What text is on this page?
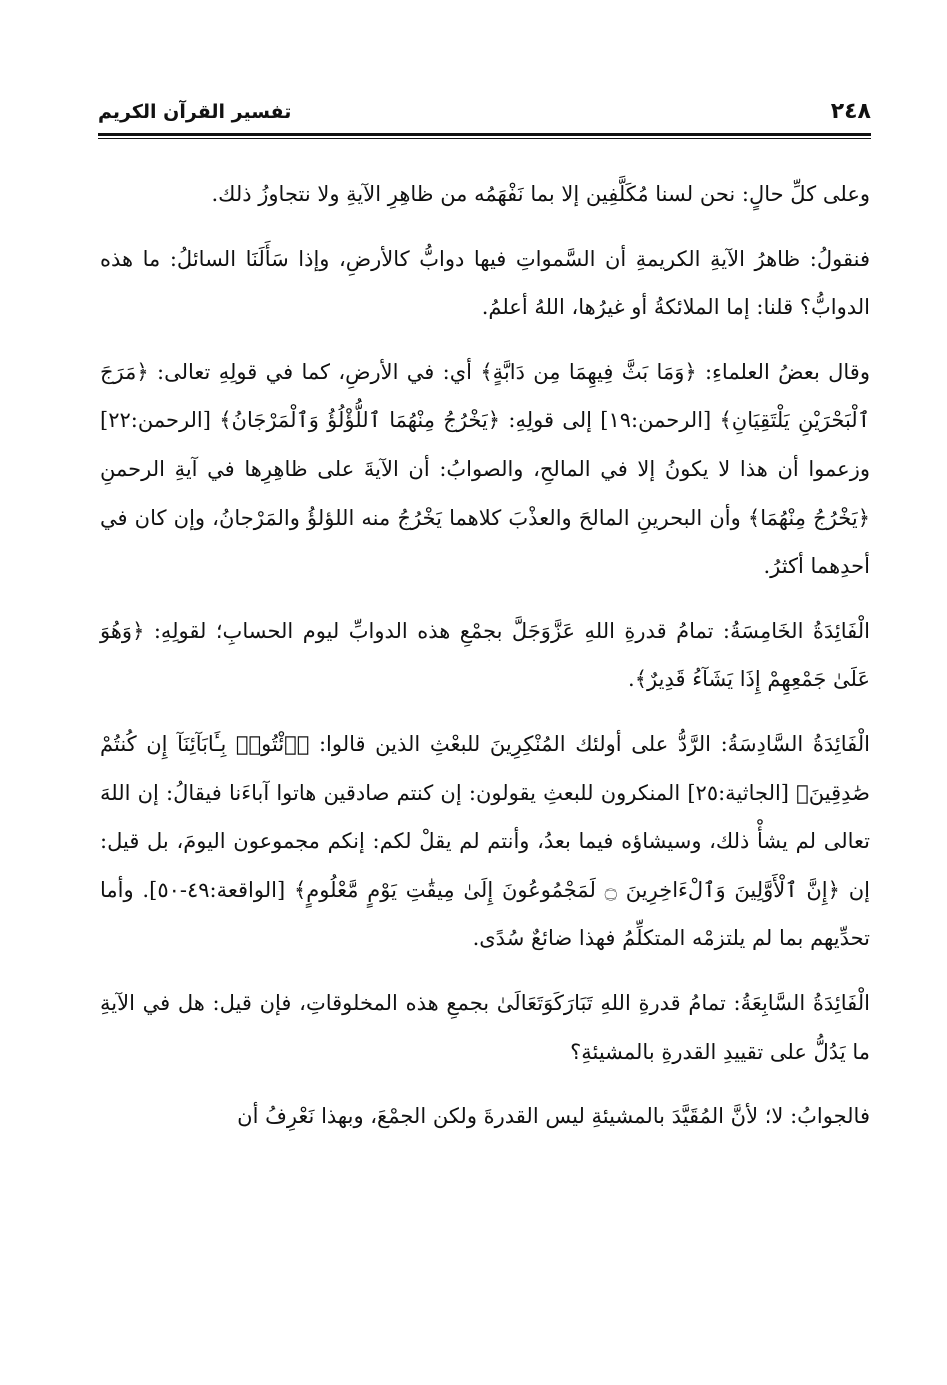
٢٤٨
تفسير القرآن الكريم

وعلى كلِّ حالٍ: نحن لسنا مُكَلَّفِين إلا بما نَفْهَمُه من ظاهِرِ الآيةِ ولا نتجاوزُ ذلك.

فنقولُ: ظاهرُ الآيةِ الكريمةِ أن السَّمواتِ فيها دوابُّ كالأرضِ، وإذا سَأَلَنَا السائلُ: ما هذه الدوابُّ؟ قلنا: إما الملائكةُ أو غيرُها، اللهُ أعلمُ.

وقال بعضُ العلماءِ: ﴿وَمَا بَثَّ فِيهِمَا مِن دَابَّةٍ﴾ أي: في الأرضِ، كما في قولِهِ تعالى: ﴿مَرَجَ ٱلْبَحْرَيْنِ يَلْتَقِيَانِ﴾ [الرحمن:١٩] إلى قولِهِ: ﴿يَخْرُجُ مِنْهُمَا ٱللُّؤْلُؤُ وَٱلْمَرْجَانُ﴾ [الرحمن:٢٢] وزعموا أن هذا لا يكونُ إلا في المالحِ، والصوابُ: أن الآيةَ على ظاهِرِها في آيةِ الرحمنِ ﴿يَخْرُجُ مِنْهُمَا﴾ وأن البحرينِ المالحَ والعذْبَ كلاهما يَخْرُجُ منه اللؤلؤُ والمَرْجانُ، وإن كان في أحدِهما أكثرُ.

الْفَائِدَةُ الخَامِسَةُ: تمامُ قدرةِ اللهِ عَزَّوَجَلَّ بجمْعِ هذه الدوابِّ ليوم الحسابِ؛ لقولِهِ: ﴿وَهُوَ عَلَىٰ جَمْعِهِمْ إِذَا يَشَآءُ قَدِيرٌ﴾.

الْفَائِدَةُ السَّادِسَةُ: الرَّدُّ على أولئك المُنْكِرِينَ للبعْثِ الذين قالوا: ﴿ٱئْتُوا۟ بِـَٔابَآئِنَآ إِن كُنتُمْ صَٰدِقِينَ﴾ [الجاثية:٢٥] المنكرون للبعثِ يقولون: إن كنتم صادقين هاتوا آباءَنا فيقالُ: إن اللهَ تعالى لم يشأْ ذلك، وسيشاؤه فيما بعدُ، وأنتم لم يقلْ لكم: إنكم مجموعون اليومَ، بل قيل: إن ﴿إِنَّ ٱلْأَوَّلِينَ وَٱلْءَاخِرِينَ ۝ لَمَجْمُوعُونَ إِلَىٰ مِيقَٰتِ يَوْمٍ مَّعْلُومٍ﴾ [الواقعة:٤٩-٥٠]. وأما تحدِّيهم بما لم يلتزمْه المتكلِّمُ فهذا ضائعٌ سُدًى.

الْفَائِدَةُ السَّابِعَةُ: تمامُ قدرةِ اللهِ تَبَارَكَوَتَعَالَىٰ بجمعِ هذه المخلوقاتِ، فإن قيل: هل في الآيةِ ما يَدُلُّ على تقييدِ القدرةِ بالمشيئةِ؟

فالجوابُ: لا؛ لأنَّ المُقَيَّدَ بالمشيئةِ ليس القدرةَ ولكن الجمْعَ، وبهذا نَعْرِفُ أن
